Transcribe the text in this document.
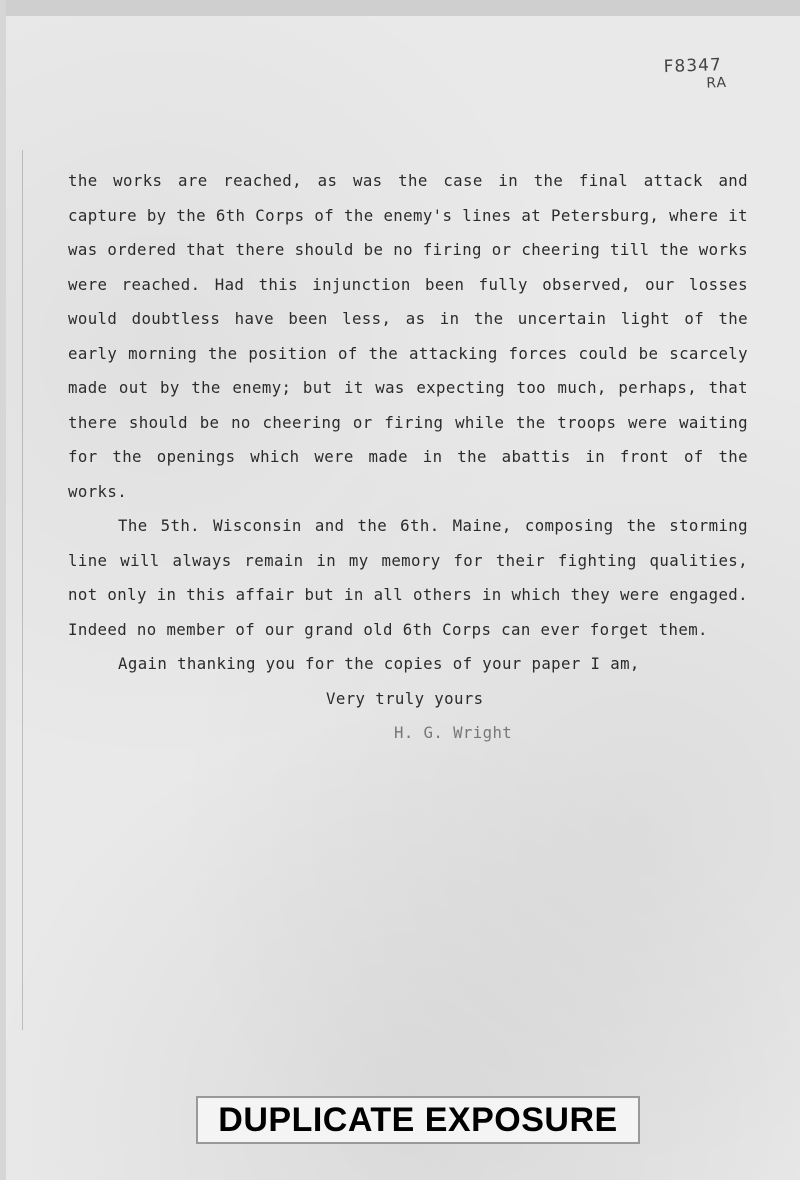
F8347
RA

the works are reached, as was the case in the final attack and capture by the 6th Corps of the enemy's lines at Petersburg, where it was ordered that there should be no firing or cheering till the works were reached. Had this injunction been fully observed, our losses would doubtless have been less, as in the uncertain light of the early morning the position of the attacking forces could be scarcely made out by the enemy; but it was expecting too much, perhaps, that there should be no cheering or firing while the troops were waiting for the openings which were made in the abattis in front of the works.

The 5th. Wisconsin and the 6th. Maine, composing the storming line will always remain in my memory for their fighting qualities, not only in this affair but in all others in which they were engaged. Indeed no member of our grand old 6th Corps can ever forget them.

Again thanking you for the copies of your paper I am,

Very truly yours

H. G. Wright

DUPLICATE EXPOSURE
